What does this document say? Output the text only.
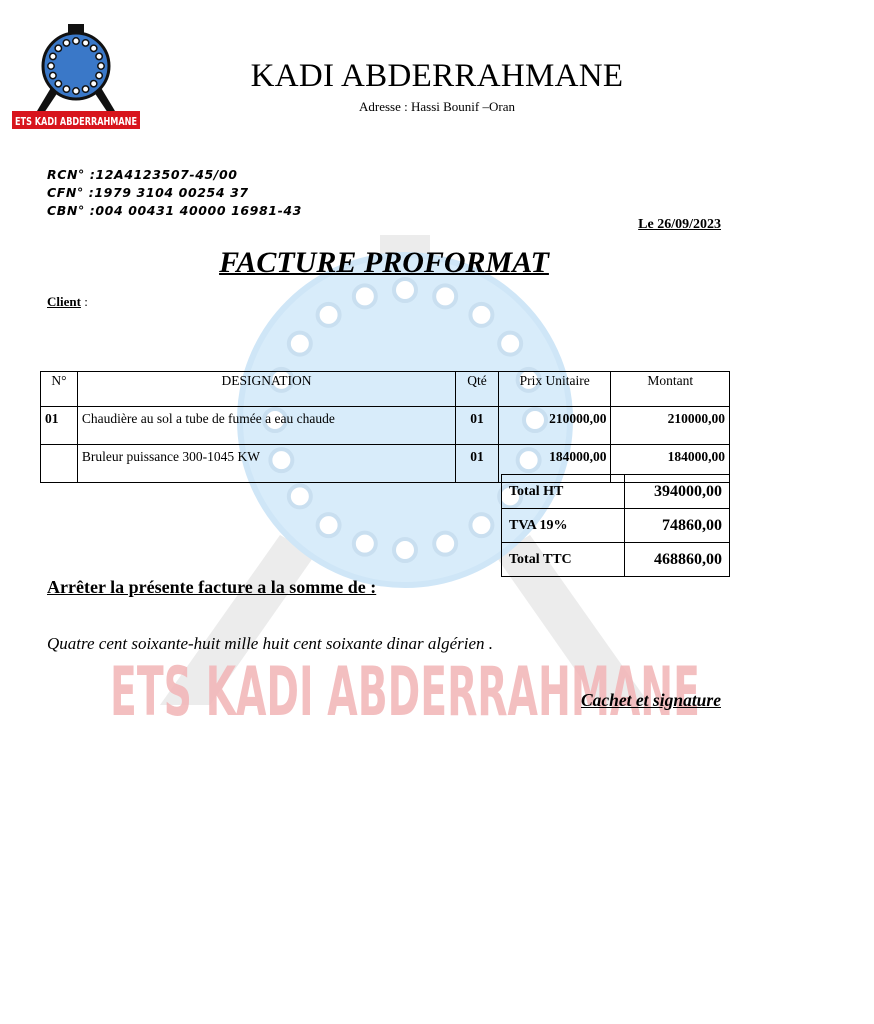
ETS KADI ABDERRAHMANE
ETS KADI ABDERRAHMANE
KADI ABDERRAHMANE
Adresse : Hassi Bounif –Oran
RCN° :12A4123507-45/00
CFN° :1979 3104 00254 37
CBN° :004 00431 40000 16981-43
Le 26/09/2023
FACTURE PROFORMAT
Client :
N°	DESIGNATION	Qté	Prix Unitaire	Montant
01	Chaudière au sol a tube de fumée a eau chaude	01	210000,00	210000,00
	Bruleur puissance 300-1045 KW	01	184000,00	184000,00
Total HT	394000,00
TVA 19%	74860,00
Total TTC	468860,00
Arrêter la présente facture a la somme de :
Quatre cent soixante-huit mille huit cent soixante dinar algérien .
Cachet et signature
